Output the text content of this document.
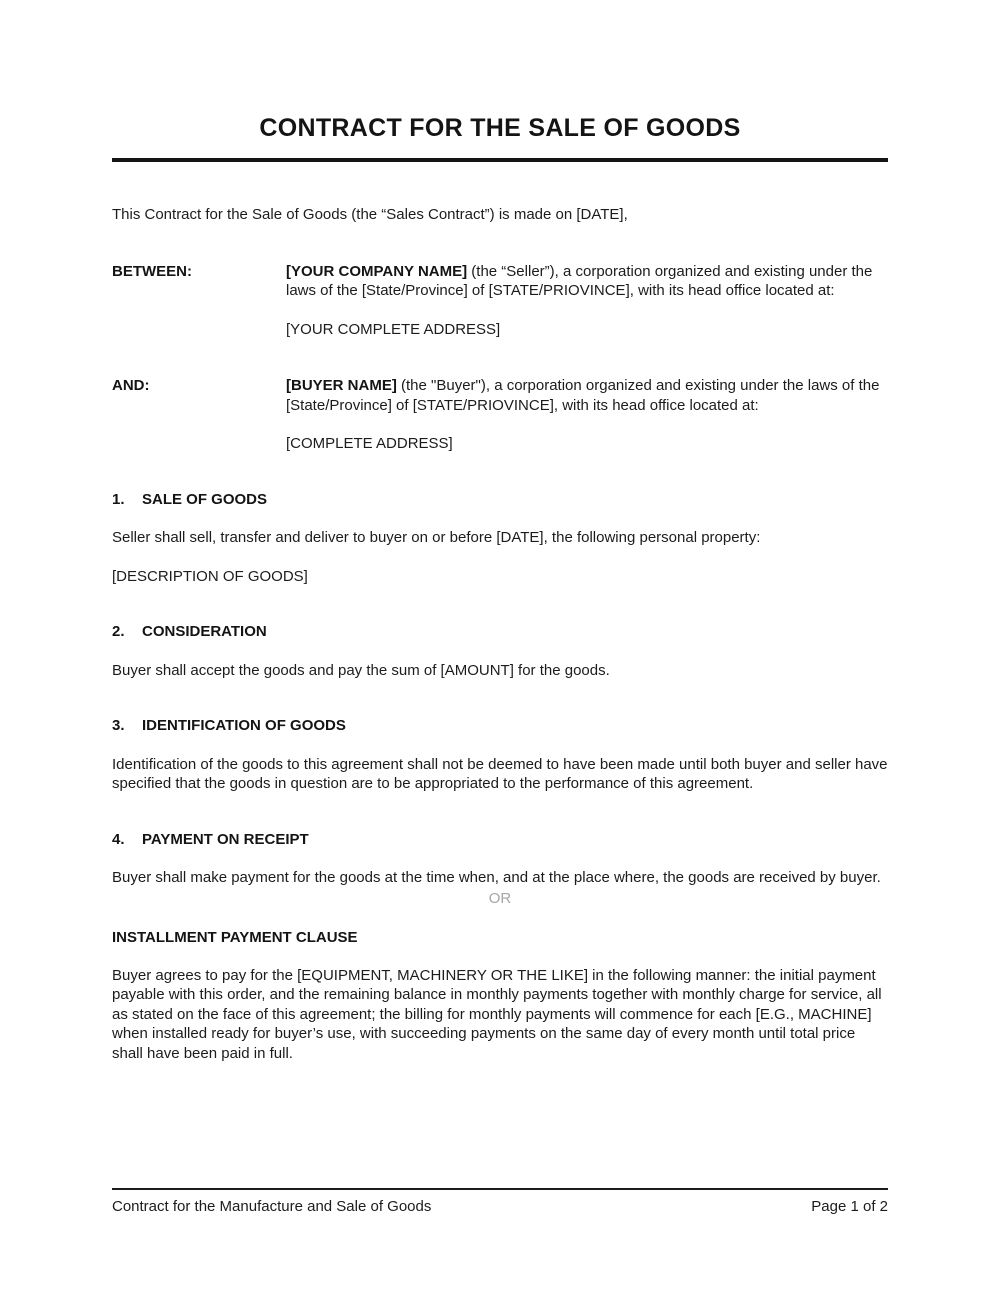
CONTRACT FOR THE SALE OF GOODS

This Contract for the Sale of Goods (the “Sales Contract”) is made on [DATE],

BETWEEN:	[YOUR COMPANY NAME] (the “Seller”), a corporation organized and existing under the laws of the [State/Province] of [STATE/PRIOVINCE], with its head office located at:

[YOUR COMPLETE ADDRESS]

AND:	[BUYER NAME] (the "Buyer"), a corporation organized and existing under the laws of the [State/Province] of [STATE/PRIOVINCE], with its head office located at:

[COMPLETE ADDRESS]

1. SALE OF GOODS

Seller shall sell, transfer and deliver to buyer on or before [DATE], the following personal property:

[DESCRIPTION OF GOODS]

2. CONSIDERATION

Buyer shall accept the goods and pay the sum of [AMOUNT] for the goods.

3. IDENTIFICATION OF GOODS

Identification of the goods to this agreement shall not be deemed to have been made until both buyer and seller have specified that the goods in question are to be appropriated to the performance of this agreement.

4. PAYMENT ON RECEIPT

Buyer shall make payment for the goods at the time when, and at the place where, the goods are received by buyer.

OR
INSTALLMENT PAYMENT CLAUSE

Buyer agrees to pay for the [EQUIPMENT, MACHINERY OR THE LIKE] in the following manner: the initial payment payable with this order, and the remaining balance in monthly payments together with monthly charge for service, all as stated on the face of this agreement; the billing for monthly payments will commence for each [E.G., MACHINE] when installed ready for buyer’s use, with succeeding payments on the same day of every month until total price shall have been paid in full.

Contract for the Manufacture and Sale of Goods	Page 1 of 2
